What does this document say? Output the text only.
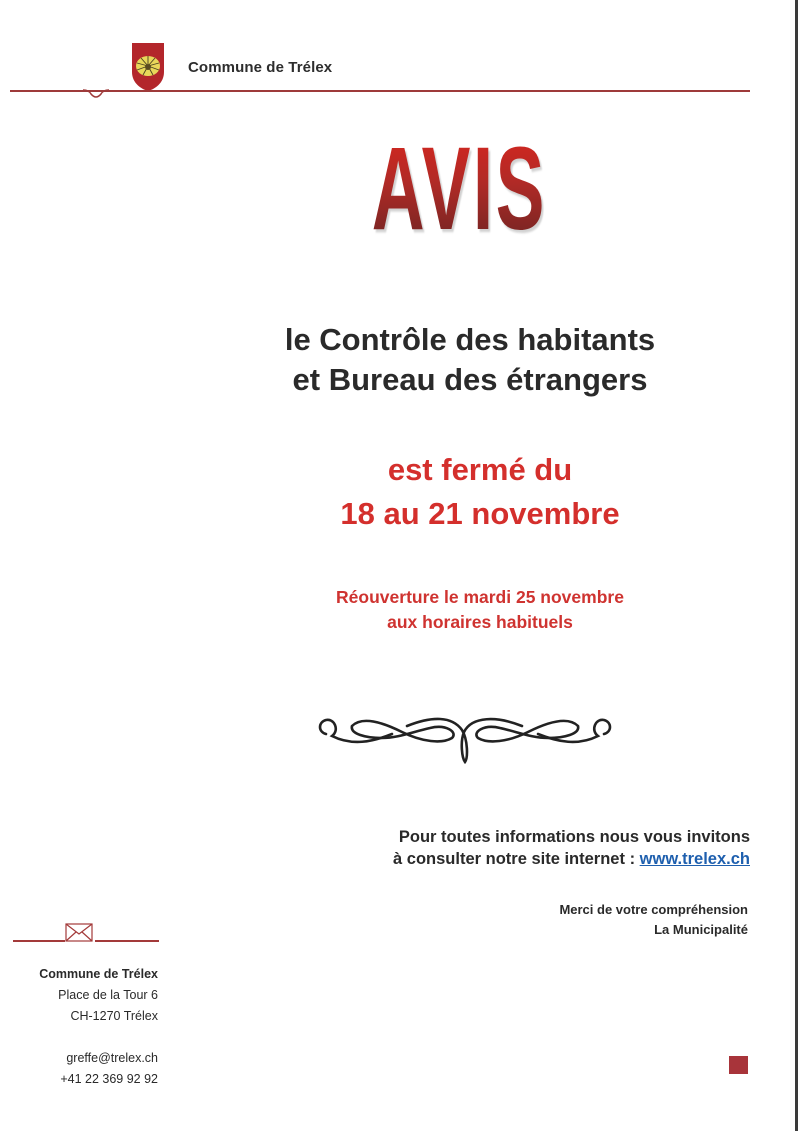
Commune de Trélex
AVIS
le Contrôle des habitants
et Bureau des étrangers
est fermé du
18 au 21 novembre
Réouverture le mardi 25 novembre
aux horaires habituels
Pour toutes informations nous vous invitons
à consulter notre site internet : www.trelex.ch
Merci de votre compréhension
La Municipalité
Commune de Trélex
Place de la Tour 6
CH-1270 Trélex
greffe@trelex.ch
+41 22 369 92 92
